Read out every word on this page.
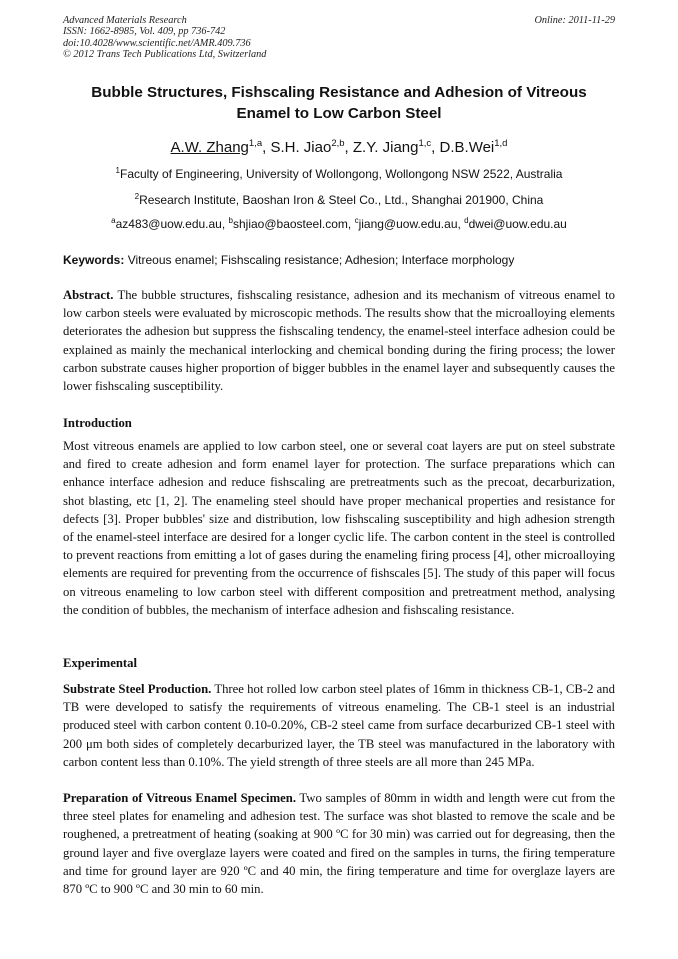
Advanced Materials Research
ISSN: 1662-8985, Vol. 409, pp 736-742
doi:10.4028/www.scientific.net/AMR.409.736
© 2012 Trans Tech Publications Ltd, Switzerland
Online: 2011-11-29
Bubble Structures, Fishscaling Resistance and Adhesion of Vitreous Enamel to Low Carbon Steel
A.W. Zhang$^{1,a}$, S.H. Jiao$^{2,b}$, Z.Y. Jiang$^{1,c}$, D.B.Wei$^{1,d}$
$^1$Faculty of Engineering, University of Wollongong, Wollongong NSW 2522, Australia
$^2$Research Institute, Baoshan Iron & Steel Co., Ltd., Shanghai 201900, China
$^a$az483@uow.edu.au, $^b$shjiao@baosteel.com, $^c$jiang@uow.edu.au, $^d$dwei@uow.edu.au
Keywords: Vitreous enamel; Fishscaling resistance; Adhesion; Interface morphology
Abstract. The bubble structures, fishscaling resistance, adhesion and its mechanism of vitreous enamel to low carbon steels were evaluated by microscopic methods. The results show that the microalloying elements deteriorates the adhesion but suppress the fishscaling tendency, the enamel-steel interface adhesion could be explained as mainly the mechanical interlocking and chemical bonding during the firing process; the lower carbon substrate causes higher proportion of bigger bubbles in the enamel layer and subsequently causes the lower fishscaling susceptibility.
Introduction
Most vitreous enamels are applied to low carbon steel, one or several coat layers are put on steel substrate and fired to create adhesion and form enamel layer for protection. The surface preparations which can enhance interface adhesion and reduce fishscaling are pretreatments such as the precoat, decarburization, shot blasting, etc [1, 2]. The enameling steel should have proper mechanical properties and resistance for defects [3]. Proper bubbles' size and distribution, low fishscaling susceptibility and high adhesion strength of the enamel-steel interface are desired for a longer cyclic life. The carbon content in the steel is controlled to prevent reactions from emitting a lot of gases during the enameling firing process [4], other microalloying elements are required for preventing from the occurrence of fishscales [5]. The study of this paper will focus on vitreous enameling to low carbon steel with different composition and pretreatment method, analysing the condition of bubbles, the mechanism of interface adhesion and fishscaling resistance.
Experimental
Substrate Steel Production. Three hot rolled low carbon steel plates of 16mm in thickness CB-1, CB-2 and TB were developed to satisfy the requirements of vitreous enameling. The CB-1 steel is an industrial produced steel with carbon content 0.10-0.20%, CB-2 steel came from surface decarburized CB-1 steel with 200 μm both sides of completely decarburized layer, the TB steel was manufactured in the laboratory with carbon content less than 0.10%. The yield strength of three steels are all more than 245 MPa.
Preparation of Vitreous Enamel Specimen. Two samples of 80mm in width and length were cut from the three steel plates for enameling and adhesion test. The surface was shot blasted to remove the scale and be roughened, a pretreatment of heating (soaking at 900 ºC for 30 min) was carried out for degreasing, then the ground layer and five overglaze layers were coated and fired on the samples in turns, the firing temperature and time for ground layer are 920 ºC and 40 min, the firing temperature and time for overglaze layers are 870 ºC to 900 ºC and 30 min to 60 min.
